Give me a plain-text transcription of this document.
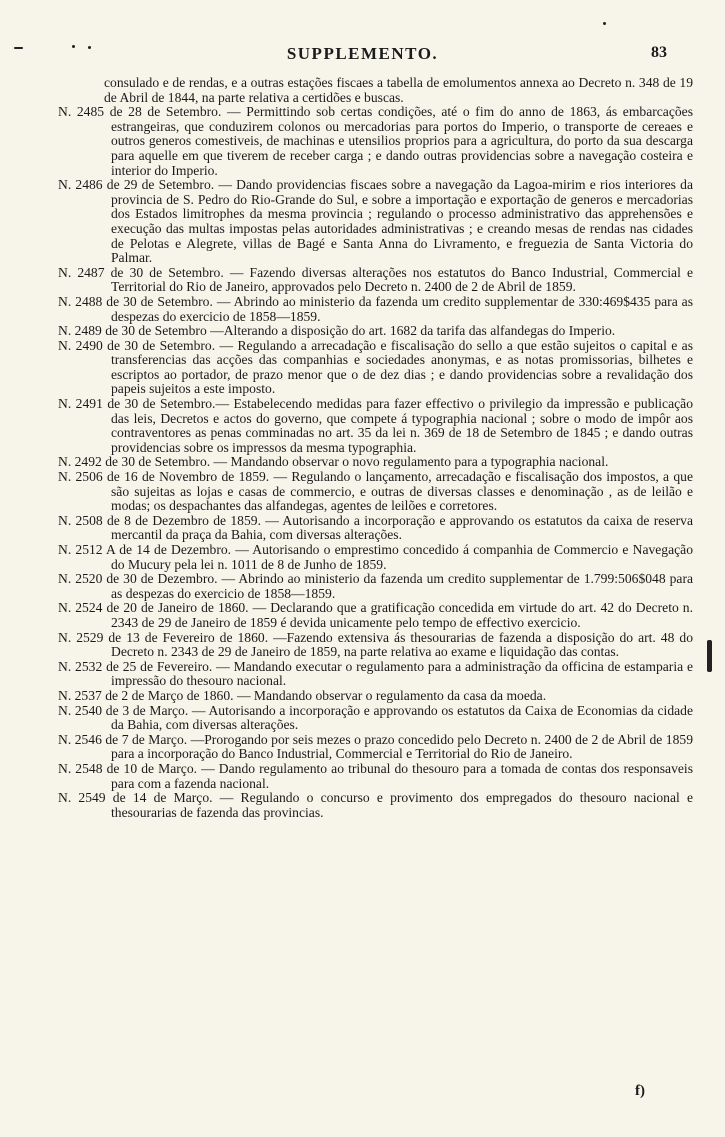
SUPPLEMENTO.	83
consulado e de rendas, e a outras estações fiscaes a tabella de emolumentos annexa ao Decreto n. 348 de 19 de Abril de 1844, na parte relativa a certidões e buscas.
N. 2485 de 28 de Setembro. — Permittindo sob certas condições, até o fim do anno de 1863, ás embarcações estrangeiras, que conduzirem colonos ou mercadorias para portos do Imperio, o transporte de cereaes e outros generos comestiveis, de machinas e utensilios proprios para a agricultura, do porto da sua descarga para aquelle em que tiverem de receber carga ; e dando outras providencias sobre a navegação costeira e interior do Imperio.
N. 2486 de 29 de Setembro. — Dando providencias fiscaes sobre a navegação da Lagoa-mirim e rios interiores da provincia de S. Pedro do Rio-Grande do Sul, e sobre a importação e exportação de generos e mercadorias dos Estados limitrophes da mesma provincia ; regulando o processo administrativo das apprehensões e execução das multas impostas pelas autoridades administrativas ; e creando mesas de rendas nas cidades de Pelotas e Alegrete, villas de Bagé e Santa Anna do Livramento, e freguezia de Santa Victoria do Palmar.
N. 2487 de 30 de Setembro. — Fazendo diversas alterações nos estatutos do Banco Industrial, Commercial e Territorial do Rio de Janeiro, approvados pelo Decreto n. 2400 de 2 de Abril de 1859.
N. 2488 de 30 de Setembro. — Abrindo ao ministerio da fazenda um credito supplementar de 330:469$435 para as despezas do exercicio de 1858—1859.
N. 2489 de 30 de Setembro —Alterando a disposição do art. 1682 da tarifa das alfandegas do Imperio.
N. 2490 de 30 de Setembro. — Regulando a arrecadação e fiscalisação do sello a que estão sujeitos o capital e as transferencias das acções das companhias e sociedades anonymas, e as notas promissorias, bilhetes e escriptos ao portador, de prazo menor que o de dez dias ; e dando providencias sobre a revalidação dos papeis sujeitos a este imposto.
N. 2491 de 30 de Setembro.— Estabelecendo medidas para fazer effectivo o privilegio da impressão e publicação das leis, Decretos e actos do governo, que compete á typographia nacional ; sobre o modo de impôr aos contraventores as penas comminadas no art. 35 da lei n. 369 de 18 de Setembro de 1845 ; e dando outras providencias sobre os impressos da mesma typographia.
N. 2492 de 30 de Setembro. — Mandando observar o novo regulamento para a typographia nacional.
N. 2506 de 16 de Novembro de 1859. — Regulando o lançamento, arrecadação e fiscalisação dos impostos, a que são sujeitas as lojas e casas de commercio, e outras de diversas classes e denominação , as de leilão e modas; os despachantes das alfandegas, agentes de leilões e corretores.
N. 2508 de 8 de Dezembro de 1859. — Autorisando a incorporação e approvando os estatutos da caixa de reserva mercantil da praça da Bahia, com diversas alterações.
N. 2512 A de 14 de Dezembro. — Autorisando o emprestimo concedido á companhia de Commercio e Navegação do Mucury pela lei n. 1011 de 8 de Junho de 1859.
N. 2520 de 30 de Dezembro. — Abrindo ao ministerio da fazenda um credito supplementar de 1.799:506$048 para as despezas do exercicio de 1858—1859.
N. 2524 de 20 de Janeiro de 1860. — Declarando que a gratificação concedida em virtude do art. 42 do Decreto n. 2343 de 29 de Janeiro de 1859 é devida unicamente pelo tempo de effectivo exercicio.
N. 2529 de 13 de Fevereiro de 1860. —Fazendo extensiva ás thesourarias de fazenda a disposição do art. 48 do Decreto n. 2343 de 29 de Janeiro de 1859, na parte relativa ao exame e liquidação das contas.
N. 2532 de 25 de Fevereiro. — Mandando executar o regulamento para a administração da officina de estamparia e impressão do thesouro nacional.
N. 2537 de 2 de Março de 1860. — Mandando observar o regulamento da casa da moeda.
N. 2540 de 3 de Março. — Autorisando a incorporação e approvando os estatutos da Caixa de Economias da cidade da Bahia, com diversas alterações.
N. 2546 de 7 de Março. —Prorogando por seis mezes o prazo concedido pelo Decreto n. 2400 de 2 de Abril de 1859 para a incorporação do Banco Industrial, Commercial e Territorial do Rio de Janeiro.
N. 2548 de 10 de Março. — Dando regulamento ao tribunal do thesouro para a tomada de contas dos responsaveis para com a fazenda nacional.
N. 2549 de 14 de Março. — Regulando o concurso e provimento dos empregados do thesouro nacional e thesourarias de fazenda das provincias.
f)
